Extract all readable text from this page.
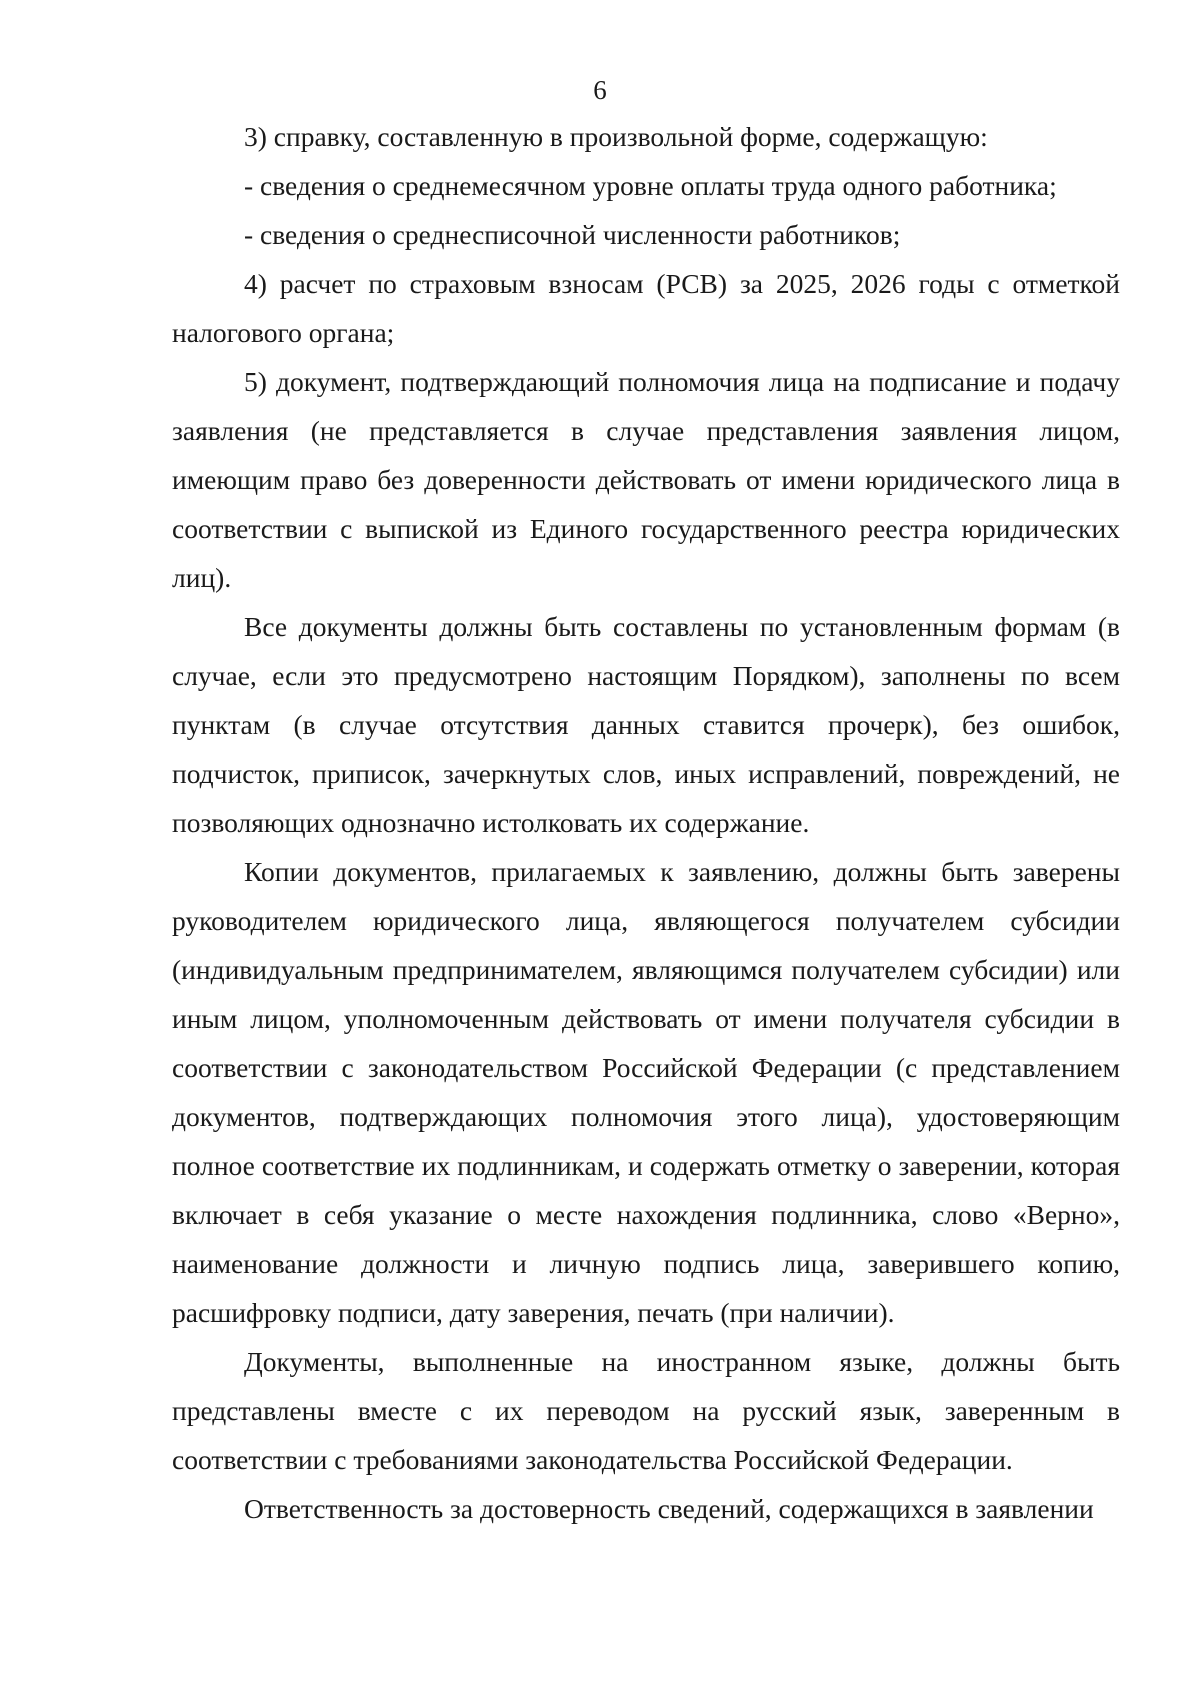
6

3) справку, составленную в произвольной форме, содержащую:

- сведения о среднемесячном уровне оплаты труда одного работника;

- сведения о среднесписочной численности работников;

4) расчет по страховым взносам (РСВ) за 2025, 2026 годы с отметкой налогового органа;

5) документ, подтверждающий полномочия лица на подписание и подачу заявления (не представляется в случае представления заявления лицом, имеющим право без доверенности действовать от имени юридического лица в соответствии с выпиской из Единого государственного реестра юридических лиц).

Все документы должны быть составлены по установленным формам (в случае, если это предусмотрено настоящим Порядком), заполнены по всем пунктам (в случае отсутствия данных ставится прочерк), без ошибок, подчисток, приписок, зачеркнутых слов, иных исправлений, повреждений, не позволяющих однозначно истолковать их содержание.

Копии документов, прилагаемых к заявлению, должны быть заверены руководителем юридического лица, являющегося получателем субсидии (индивидуальным предпринимателем, являющимся получателем субсидии) или иным лицом, уполномоченным действовать от имени получателя субсидии в соответствии с законодательством Российской Федерации (с представлением документов, подтверждающих полномочия этого лица), удостоверяющим полное соответствие их подлинникам, и содержать отметку о заверении, которая включает в себя указание о месте нахождения подлинника, слово «Верно», наименование должности и личную подпись лица, заверившего копию, расшифровку подписи, дату заверения, печать (при наличии).

Документы, выполненные на иностранном языке, должны быть представлены вместе с их переводом на русский язык, заверенным в соответствии с требованиями законодательства Российской Федерации.

Ответственность за достоверность сведений, содержащихся в заявлении
